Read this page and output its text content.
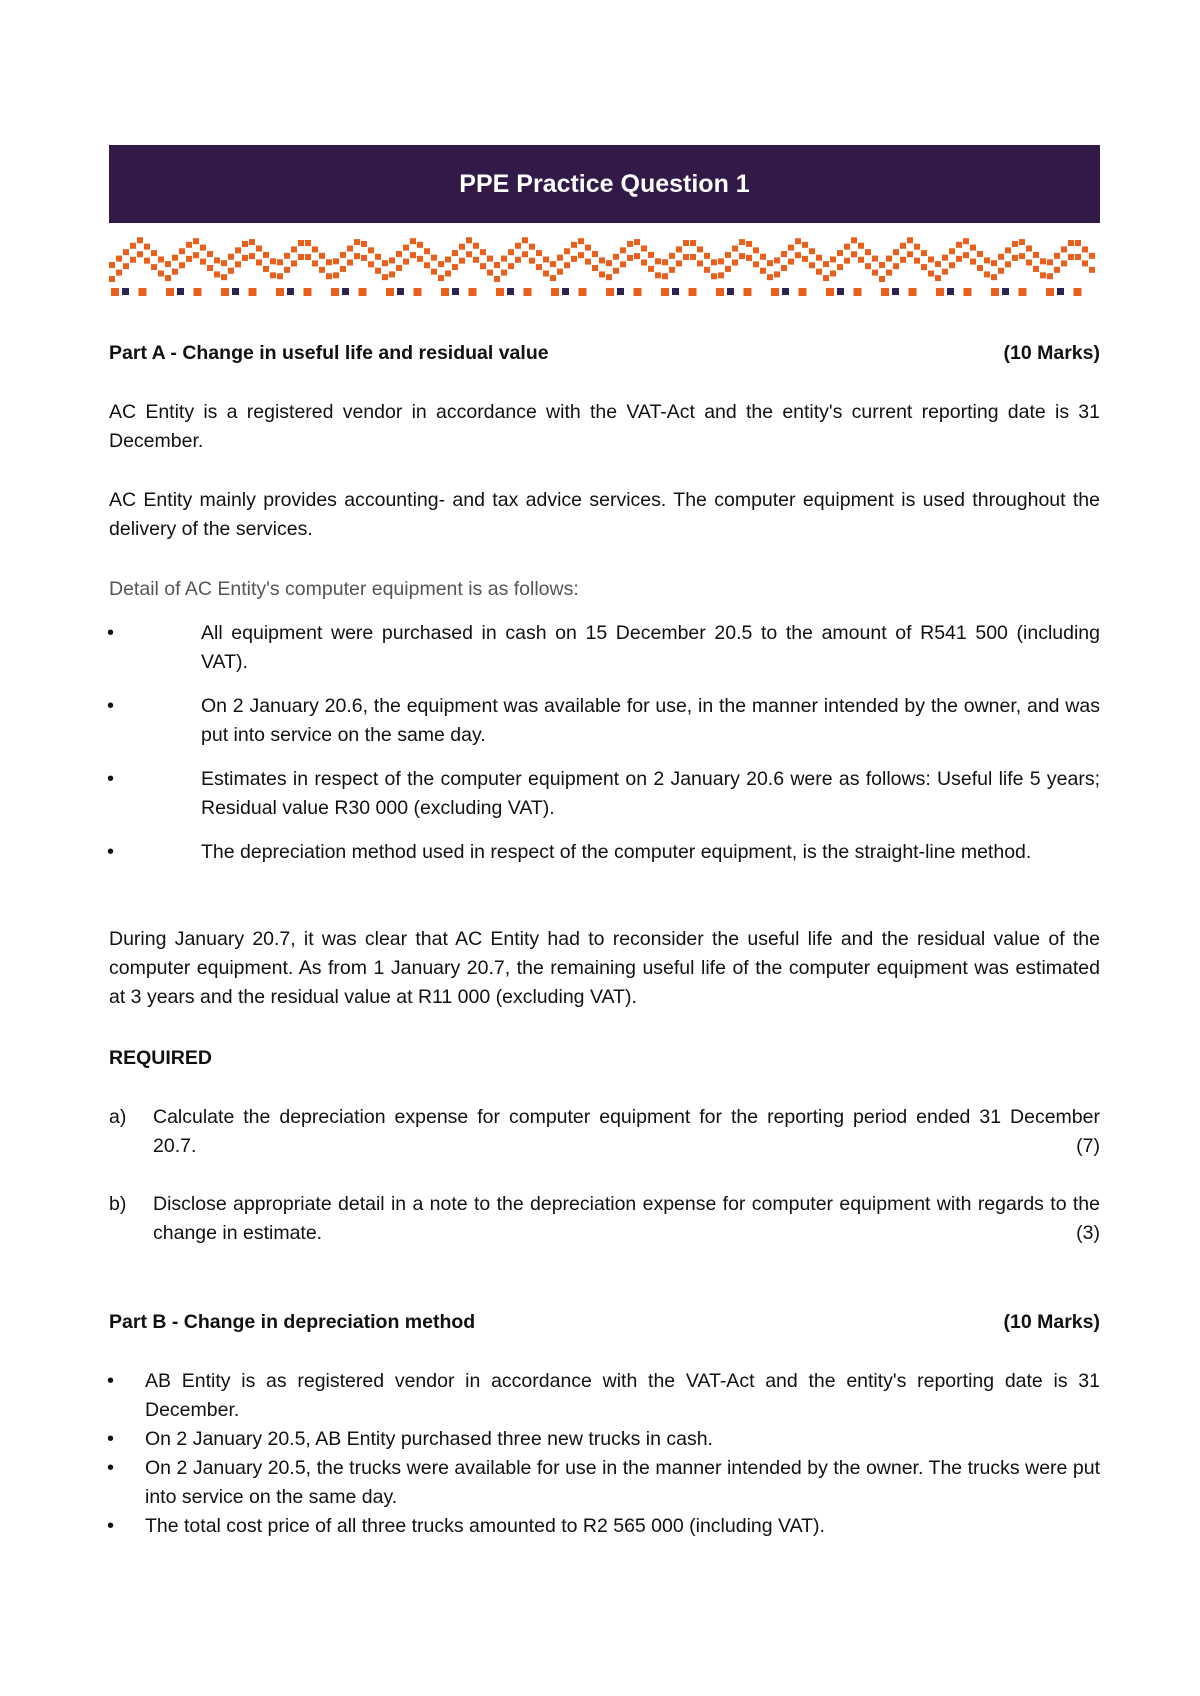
PPE Practice Question 1
Part A - Change in useful life and residual value	(10 Marks)

AC Entity is a registered vendor in accordance with the VAT-Act and the entity's current reporting date is 31 December.

AC Entity mainly provides accounting- and tax advice services. The computer equipment is used throughout the delivery of the services.

Detail of AC Entity's computer equipment is as follows:

•	All equipment were purchased in cash on 15 December 20.5 to the amount of R541 500 (including VAT).

•	On 2 January 20.6, the equipment was available for use, in the manner intended by the owner, and was put into service on the same day.

•	Estimates in respect of the computer equipment on 2 January 20.6 were as follows: Useful life 5 years; Residual value R30 000 (excluding VAT).

•	The depreciation method used in respect of the computer equipment, is the straight-line method.

During January 20.7, it was clear that AC Entity had to reconsider the useful life and the residual value of the computer equipment. As from 1 January 20.7, the remaining useful life of the computer equipment was estimated at 3 years and the residual value at R11 000 (excluding VAT).

REQUIRED

a) Calculate the depreciation expense for computer equipment for the reporting period ended 31 December 20.7.	(7)
b) Disclose appropriate detail in a note to the depreciation expense for computer equipment with regards to the change in estimate.	(3)
Part B - Change in depreciation method	(10 Marks)
• AB Entity is as registered vendor in accordance with the VAT-Act and the entity's reporting date is 31 December.

• On 2 January 20.5, AB Entity purchased three new trucks in cash.

• On 2 January 20.5, the trucks were available for use in the manner intended by the owner. The trucks were put into service on the same day.

• The total cost price of all three trucks amounted to R2 565 000 (including VAT).
